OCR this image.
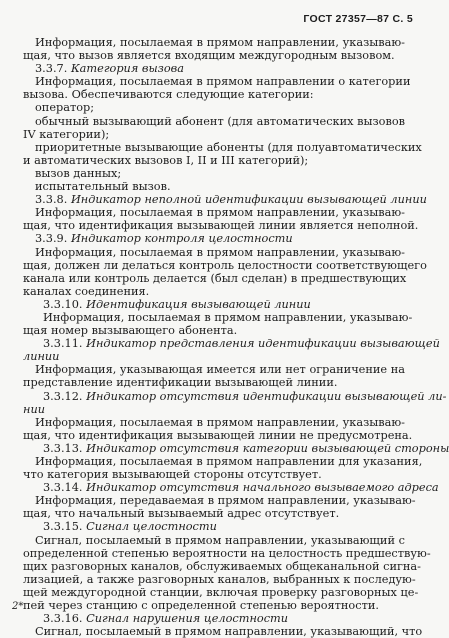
ГОСТ 27357—87 С. 5
Информация, посылаемая в прямом направлении, указываю-
щая, что вызов является входящим междугородным вызовом.
3.3.7. Категория вызова
Информация, посылаемая в прямом направлении о категории
вызова. Обеспечиваются следующие категории:
оператор;
обычный вызывающий абонент (для автоматических вызовов
IV категории);
приоритетные вызывающие абоненты (для полуавтоматических
и автоматических вызовов I, II и III категорий);
вызов данных;
испытательный вызов.
3.3.8. Индикатор неполной идентификации вызывающей линии
Информация, посылаемая в прямом направлении, указываю-
щая, что идентификация вызывающей линии является неполной.
3.3.9. Индикатор контроля целостности
Информация, посылаемая в прямом направлении, указываю-
щая, должен ли делаться контроль целостности соответствующего
канала или контроль делается (был сделан) в предшествующих
каналах соединения.
3.3.10. Идентификация вызывающей линии
Информация, посылаемая в прямом направлении, указываю-
щая номер вызывающего абонента.
3.3.11. Индикатор представления идентификации вызывающей
линии
Информация, указывающая имеется или нет ограничение на
представление идентификации вызывающей линии.
3.3.12. Индикатор отсутствия идентификации вызывающей ли-
нии
Информация, посылаемая в прямом направлении, указываю-
щая, что идентификация вызывающей линии не предусмотрена.
3.3.13. Индикатор отсутствия категории вызывающей стороны
Информация, посылаемая в прямом направлении для указания,
что категория вызывающей стороны отсутствует.
3.3.14. Индикатор отсутствия начального вызываемого адреса
Информация, передаваемая в прямом направлении, указываю-
щая, что начальный вызываемый адрес отсутствует.
3.3.15. Сигнал целостности
Сигнал, посылаемый в прямом направлении, указывающий с
определенной степенью вероятности на целостность предшествую-
щих разговорных каналов, обслуживаемых общеканальной сигна-
лизацией, а также разговорных каналов, выбранных к последую-
щей междугородной станции, включая проверку разговорных це-
пей через станцию с определенной степенью вероятности.
3.3.16. Сигнал нарушения целостности
Сигнал, посылаемый в прямом направлении, указывающий, что
2*
